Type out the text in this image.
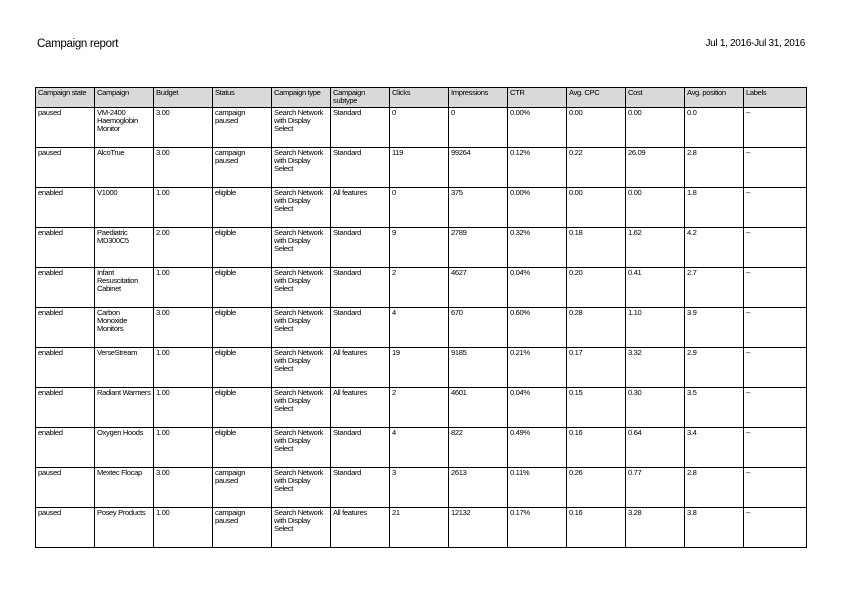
Campaign report	Jul 1, 2016-Jul 31, 2016
Campaign state	Campaign	Budget	Status	Campaign type	Campaign subtype	Clicks	Impressions	CTR	Avg. CPC	Cost	Avg. position	Labels
paused	VM-2400 Haemoglobin Monitor	3.00	campaign paused	Search Network with Display Select	Standard	0	0	0.00%	0.00	0.00	0.0	--
paused	AlcoTrue	3.00	campaign paused	Search Network with Display Select	Standard	119	99264	0.12%	0.22	26.09	2.8	--
enabled	V1000	1.00	eligible	Search Network with Display Select	All features	0	375	0.00%	0.00	0.00	1.8	--
enabled	Paediatric MD300C5	2.00	eligible	Search Network with Display Select	Standard	9	2789	0.32%	0.18	1.62	4.2	--
enabled	Infant Resuscitation Cabinet	1.00	eligible	Search Network with Display Select	Standard	2	4627	0.04%	0.20	0.41	2.7	--
enabled	Carbon Monoxide Monitors	3.00	eligible	Search Network with Display Select	Standard	4	670	0.60%	0.28	1.10	3.9	--
enabled	VerseStream	1.00	eligible	Search Network with Display Select	All features	19	9185	0.21%	0.17	3.32	2.9	--
enabled	Radiant Warmers	1.00	eligible	Search Network with Display Select	All features	2	4601	0.04%	0.15	0.30	3.5	--
enabled	Oxygen Hoods	1.00	eligible	Search Network with Display Select	Standard	4	822	0.49%	0.16	0.64	3.4	--
paused	Mextec Flocap	3.00	campaign paused	Search Network with Display Select	Standard	3	2613	0.11%	0.26	0.77	2.8	--
paused	Posey Products	1.00	campaign paused	Search Network with Display Select	All features	21	12132	0.17%	0.16	3.28	3.8	--
